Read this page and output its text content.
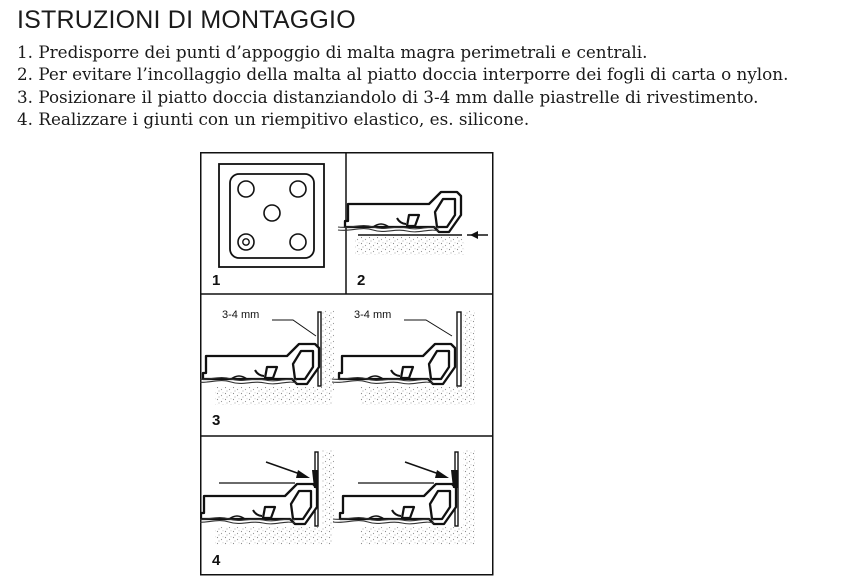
ISTRUZIONI DI MONTAGGIO
1. Predisporre dei punti d’appoggio di malta magra perimetrali e centrali.
2. Per evitare l’incollaggio della malta al piatto doccia interporre dei fogli di carta o nylon.
3. Posizionare il piatto doccia distanziandolo di 3-4 mm dalle piastrelle di rivestimento.
4. Realizzare i giunti con un riempitivo elastico, es. silicone.
1	2
3-4 mm	3-4 mm
3
4
